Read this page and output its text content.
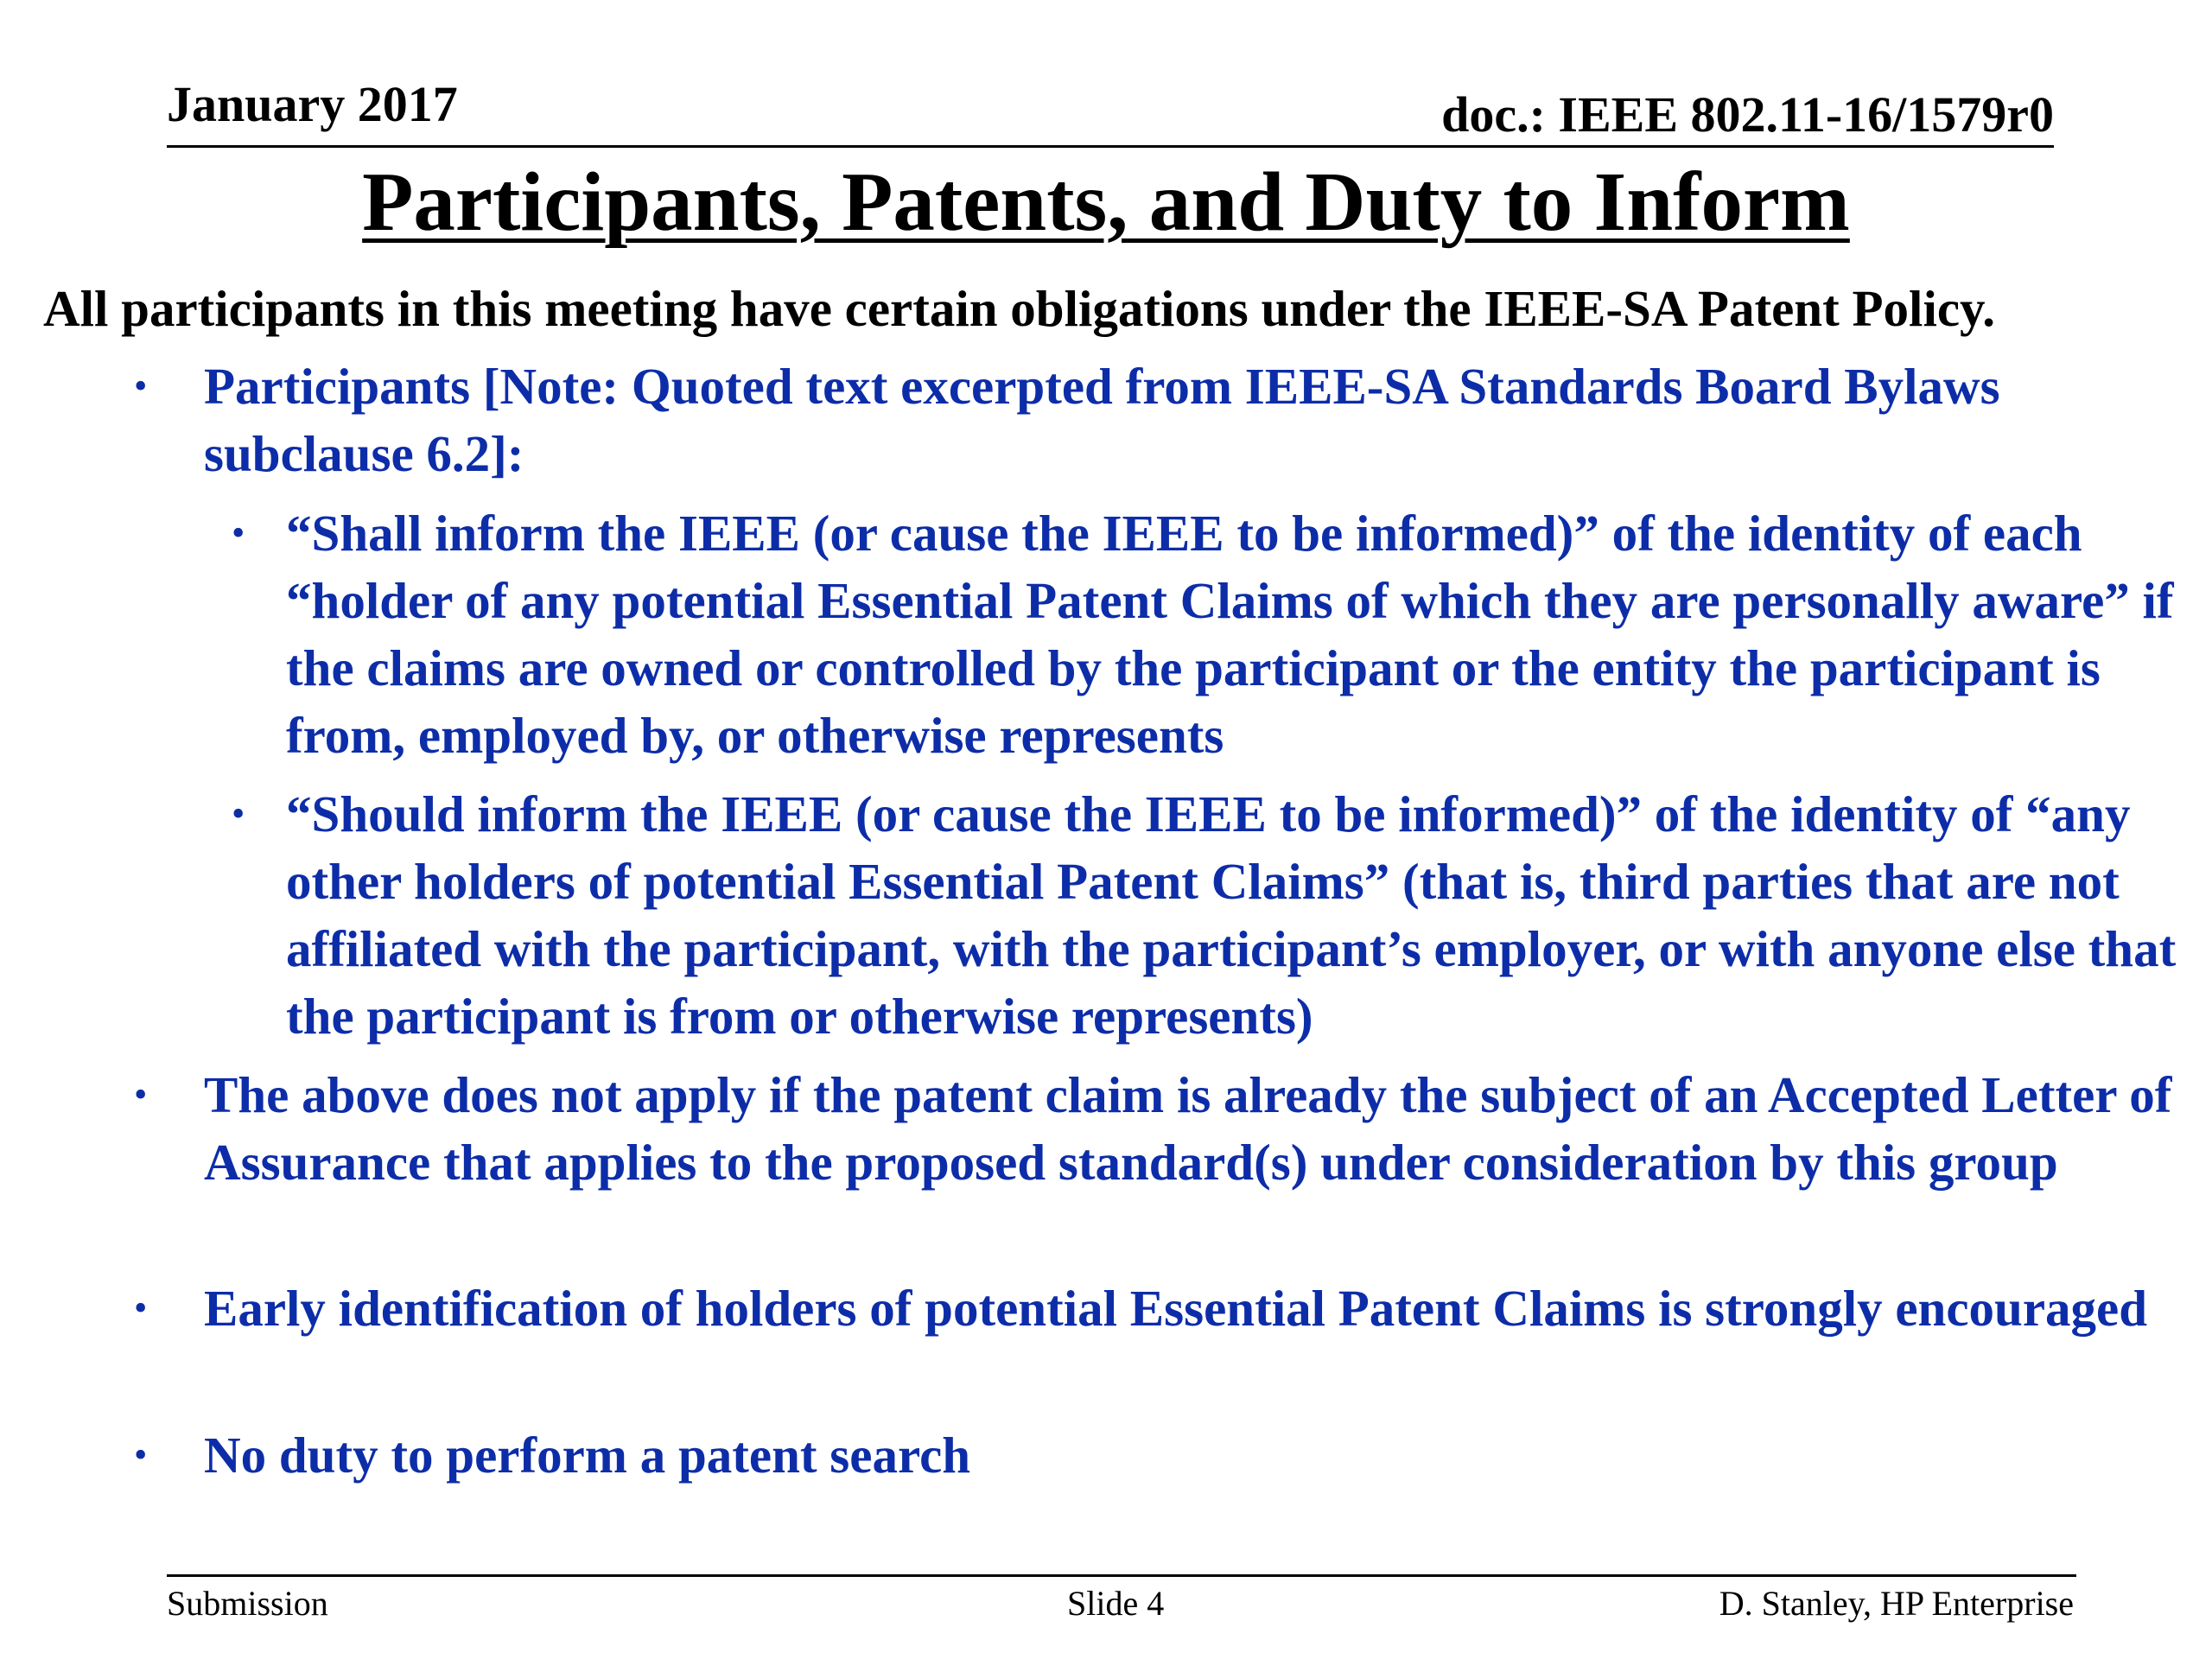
January 2017	doc.: IEEE 802.11-16/1579r0
Participants, Patents, and Duty to Inform
All participants in this meeting have certain obligations under the IEEE-SA Patent Policy.
• Participants [Note: Quoted text excerpted from IEEE-SA Standards Board Bylaws subclause 6.2]:
• “Shall inform the IEEE (or cause the IEEE to be informed)” of the identity of each “holder of any potential Essential Patent Claims of which they are personally aware” if the claims are owned or controlled by the participant or the entity the participant is from, employed by, or otherwise represents
• “Should inform the IEEE (or cause the IEEE to be informed)” of the identity of “any other holders of potential Essential Patent Claims” (that is, third parties that are not affiliated with the participant, with the participant’s employer, or with anyone else that the participant is from or otherwise represents)
• The above does not apply if the patent claim is already the subject of an Accepted Letter of Assurance that applies to the proposed standard(s) under consideration by this group
• Early identification of holders of potential Essential Patent Claims is strongly encouraged
• No duty to perform a patent search
Submission	Slide 4	D. Stanley, HP Enterprise
